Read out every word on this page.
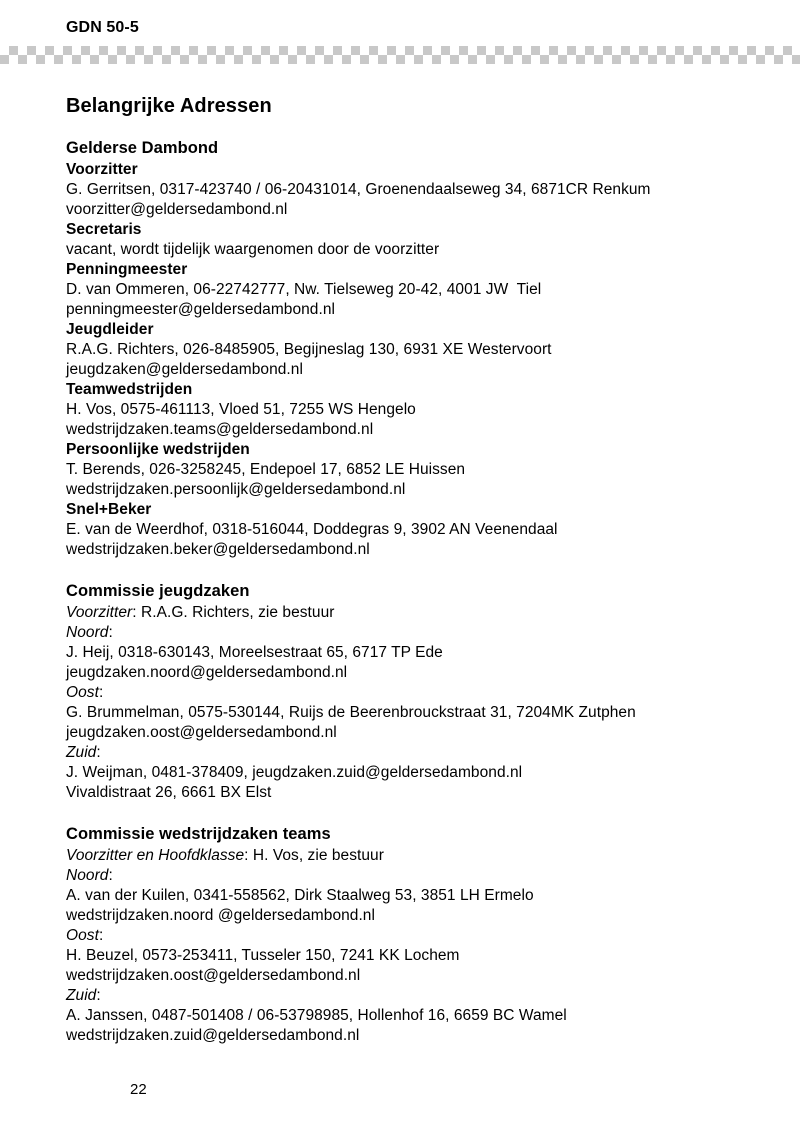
GDN 50-5
Belangrijke Adressen
Gelderse Dambond
Voorzitter
G. Gerritsen, 0317-423740 / 06-20431014, Groenendaalseweg 34, 6871CR Renkum
voorzitter@geldersedambond.nl
Secretaris
vacant, wordt tijdelijk waargenomen door de voorzitter
Penningmeester
D. van Ommeren, 06-22742777, Nw. Tielseweg 20-42, 4001 JW  Tiel
penningmeester@geldersedambond.nl
Jeugdleider
R.A.G. Richters, 026-8485905, Begijneslag 130, 6931 XE Westervoort
jeugdzaken@geldersedambond.nl
Teamwedstrijden
H. Vos, 0575-461113, Vloed 51, 7255 WS Hengelo
wedstrijdzaken.teams@geldersedambond.nl
Persoonlijke wedstrijden
T. Berends, 026-3258245, Endepoel 17, 6852 LE Huissen
wedstrijdzaken.persoonlijk@geldersedambond.nl
Snel+Beker
E. van de Weerdhof, 0318-516044, Doddegras 9, 3902 AN Veenendaal
wedstrijdzaken.beker@geldersedambond.nl
Commissie jeugdzaken
Voorzitter: R.A.G. Richters, zie bestuur
Noord:
J. Heij, 0318-630143, Moreelsestraat 65, 6717 TP Ede
jeugdzaken.noord@geldersedambond.nl
Oost:
G. Brummelman, 0575-530144, Ruijs de Beerenbrouckstraat 31, 7204MK Zutphen
jeugdzaken.oost@geldersedambond.nl
Zuid:
J. Weijman, 0481-378409, jeugdzaken.zuid@geldersedambond.nl
Vivaldistraat 26, 6661 BX Elst
Commissie wedstrijdzaken teams
Voorzitter en Hoofdklasse: H. Vos, zie bestuur
Noord:
A. van der Kuilen, 0341-558562, Dirk Staalweg 53, 3851 LH Ermelo
wedstrijdzaken.noord @geldersedambond.nl
Oost:
H. Beuzel, 0573-253411, Tusseler 150, 7241 KK Lochem
wedstrijdzaken.oost@geldersedambond.nl
Zuid:
A. Janssen, 0487-501408 / 06-53798985, Hollenhof 16, 6659 BC Wamel
wedstrijdzaken.zuid@geldersedambond.nl
22
